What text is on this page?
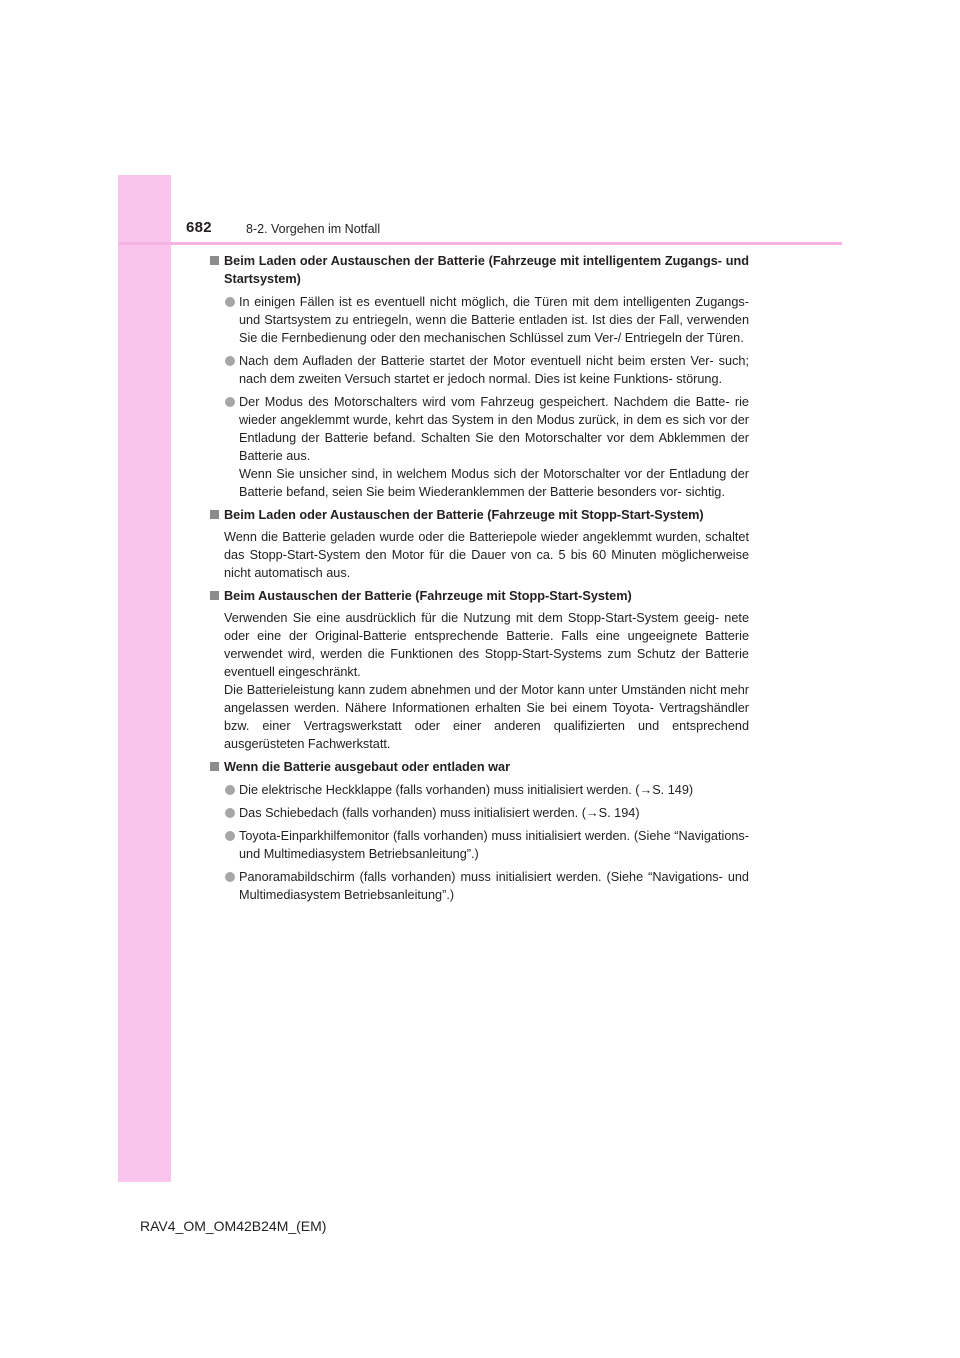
682	8-2. Vorgehen im Notfall
Beim Laden oder Austauschen der Batterie (Fahrzeuge mit intelligentem Zugangs- und Startsystem)

In einigen Fällen ist es eventuell nicht möglich, die Türen mit dem intelligenten Zugangs- und Startsystem zu entriegeln, wenn die Batterie entladen ist. Ist dies der Fall, verwenden Sie die Fernbedienung oder den mechanischen Schlüssel zum Ver-/ Entriegeln der Türen.

Nach dem Aufladen der Batterie startet der Motor eventuell nicht beim ersten Ver- such; nach dem zweiten Versuch startet er jedoch normal. Dies ist keine Funktions- störung.

Der Modus des Motorschalters wird vom Fahrzeug gespeichert. Nachdem die Batte- rie wieder angeklemmt wurde, kehrt das System in den Modus zurück, in dem es sich vor der Entladung der Batterie befand. Schalten Sie den Motorschalter vor dem Abklemmen der Batterie aus.

Wenn Sie unsicher sind, in welchem Modus sich der Motorschalter vor der Entladung der Batterie befand, seien Sie beim Wiederanklemmen der Batterie besonders vor- sichtig.

Beim Laden oder Austauschen der Batterie (Fahrzeuge mit Stopp-Start-System)

Wenn die Batterie geladen wurde oder die Batteriepole wieder angeklemmt wurden, schaltet das Stopp-Start-System den Motor für die Dauer von ca. 5 bis 60 Minuten möglicherweise nicht automatisch aus.

Beim Austauschen der Batterie (Fahrzeuge mit Stopp-Start-System)

Verwenden Sie eine ausdrücklich für die Nutzung mit dem Stopp-Start-System geeig- nete oder eine der Original-Batterie entsprechende Batterie. Falls eine ungeeignete Batterie verwendet wird, werden die Funktionen des Stopp-Start-Systems zum Schutz der Batterie eventuell eingeschränkt.

Die Batterieleistung kann zudem abnehmen und der Motor kann unter Umständen nicht mehr angelassen werden. Nähere Informationen erhalten Sie bei einem Toyota- Vertragshändler bzw. einer Vertragswerkstatt oder einer anderen qualifizierten und entsprechend ausgerüsteten Fachwerkstatt.

Wenn die Batterie ausgebaut oder entladen war

Die elektrische Heckklappe (falls vorhanden) muss initialisiert werden. (→S. 149)

Das Schiebedach (falls vorhanden) muss initialisiert werden. (→S. 194)

Toyota-Einparkhilfemonitor (falls vorhanden) muss initialisiert werden. (Siehe “Navigations- und Multimediasystem Betriebsanleitung”.)

Panoramabildschirm (falls vorhanden) muss initialisiert werden. (Siehe “Navigations- und Multimediasystem Betriebsanleitung”.)

RAV4_OM_OM42B24M_(EM)
